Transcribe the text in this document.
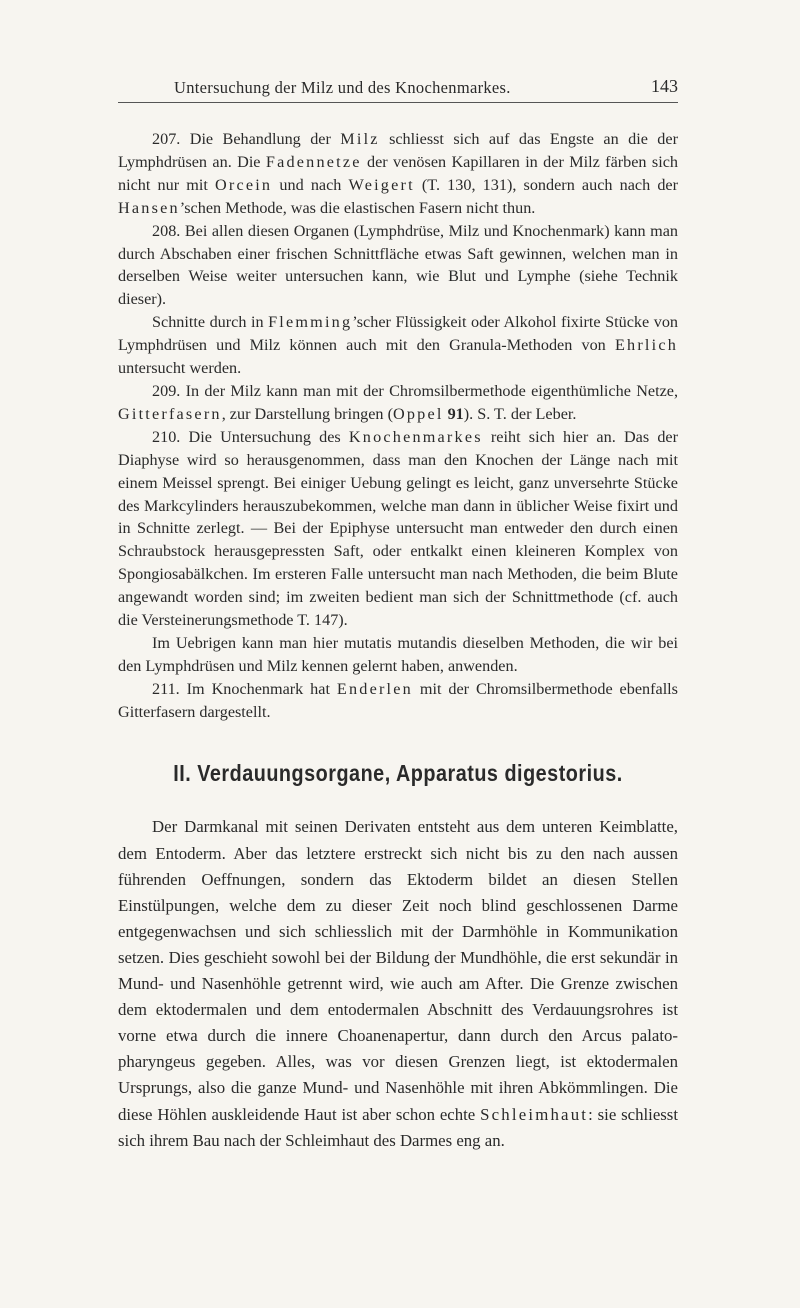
Untersuchung der Milz und des Knochenmarkes.	143

207. Die Behandlung der Milz schliesst sich auf das Engste an die der Lymphdrüsen an. Die Fadennetze der venösen Kapillaren in der Milz färben sich nicht nur mit Orcein und nach Weigert (T. 130, 131), sondern auch nach der Hansen’schen Methode, was die elastischen Fasern nicht thun.

208. Bei allen diesen Organen (Lymphdrüse, Milz und Knochenmark) kann man durch Abschaben einer frischen Schnittfläche etwas Saft gewinnen, welchen man in derselben Weise weiter untersuchen kann, wie Blut und Lymphe (siehe Technik dieser).

Schnitte durch in Flemming’scher Flüssigkeit oder Alkohol fixirte Stücke von Lymphdrüsen und Milz können auch mit den Granula-Methoden von Ehrlich untersucht werden.

209. In der Milz kann man mit der Chromsilbermethode eigenthümliche Netze, Gitterfasern, zur Darstellung bringen (Oppel 91). S. T. der Leber.

210. Die Untersuchung des Knochenmarkes reiht sich hier an. Das der Diaphyse wird so herausgenommen, dass man den Knochen der Länge nach mit einem Meissel sprengt. Bei einiger Uebung gelingt es leicht, ganz unversehrte Stücke des Markcylinders herauszubekommen, welche man dann in üblicher Weise fixirt und in Schnitte zerlegt. — Bei der Epiphyse untersucht man entweder den durch einen Schraubstock herausgepressten Saft, oder entkalkt einen kleineren Komplex von Spongiosabälkchen. Im ersteren Falle untersucht man nach Methoden, die beim Blute angewandt worden sind; im zweiten bedient man sich der Schnittmethode (cf. auch die Versteinerungsmethode T. 147).

Im Uebrigen kann man hier mutatis mutandis dieselben Methoden, die wir bei den Lymphdrüsen und Milz kennen gelernt haben, anwenden.

211. Im Knochenmark hat Enderlen mit der Chromsilbermethode ebenfalls Gitterfasern dargestellt.

II. Verdauungsorgane, Apparatus digestorius.

Der Darmkanal mit seinen Derivaten entsteht aus dem unteren Keimblatte, dem Entoderm. Aber das letztere erstreckt sich nicht bis zu den nach aussen führenden Oeffnungen, sondern das Ektoderm bildet an diesen Stellen Einstülpungen, welche dem zu dieser Zeit noch blind geschlossenen Darme entgegenwachsen und sich schliesslich mit der Darmhöhle in Kommunikation setzen. Dies geschieht sowohl bei der Bildung der Mundhöhle, die erst sekundär in Mund- und Nasenhöhle getrennt wird, wie auch am After. Die Grenze zwischen dem ektodermalen und dem entodermalen Abschnitt des Verdauungsrohres ist vorne etwa durch die innere Choanenapertur, dann durch den Arcus palato-pharyngeus gegeben. Alles, was vor diesen Grenzen liegt, ist ektodermalen Ursprungs, also die ganze Mund- und Nasenhöhle mit ihren Abkömmlingen. Die diese Höhlen auskleidende Haut ist aber schon echte Schleimhaut: sie schliesst sich ihrem Bau nach der Schleimhaut des Darmes eng an.
